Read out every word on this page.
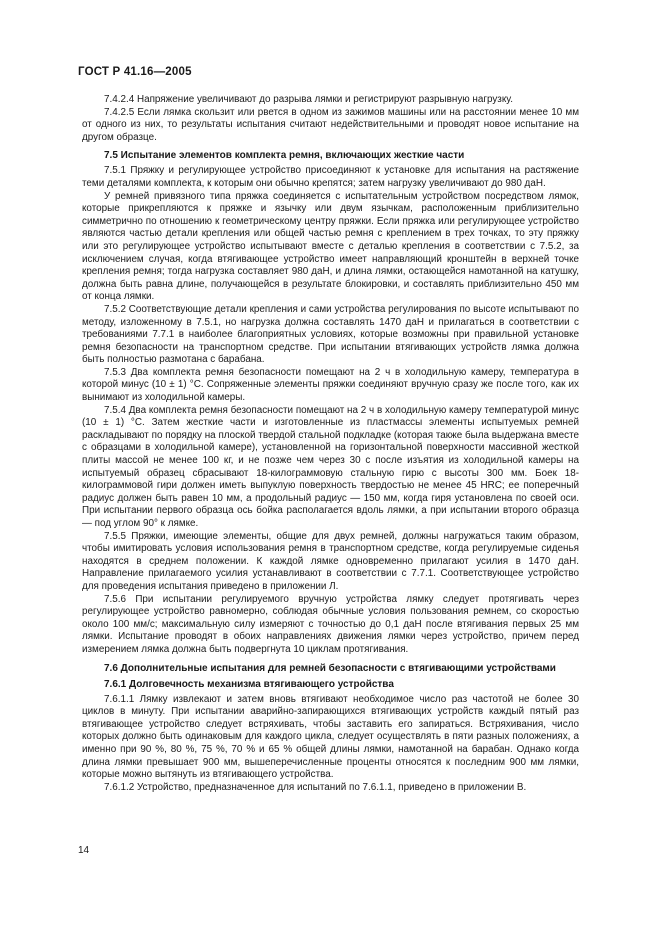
ГОСТ Р 41.16—2005

7.4.2.4 Напряжение увеличивают до разрыва лямки и регистрируют разрывную нагрузку.

7.4.2.5 Если лямка скользит или рвется в одном из зажимов машины или на расстоянии менее 10 мм от одного из них, то результаты испытания считают недействительными и проводят новое испытание на другом образце.

7.5 Испытание элементов комплекта ремня, включающих жесткие части

7.5.1 Пряжку и регулирующее устройство присоединяют к установке для испытания на растяжение теми деталями комплекта, к которым они обычно крепятся; затем нагрузку увеличивают до 980 даН.

У ремней привязного типа пряжка соединяется с испытательным устройством посредством лямок, которые прикрепляются к пряжке и язычку или двум язычкам, расположенным приблизительно симметрично по отношению к геометрическому центру пряжки. Если пряжка или регулирующее устройство являются частью детали крепления или общей частью ремня с креплением в трех точках, то эту пряжку или это регулирующее устройство испытывают вместе с деталью крепления в соответствии с 7.5.2, за исключением случая, когда втягивающее устройство имеет направляющий кронштейн в верхней точке крепления ремня; тогда нагрузка составляет 980 даН, и длина лямки, остающейся намотанной на катушку, должна быть равна длине, получающейся в результате блокировки, и составлять приблизительно 450 мм от конца лямки.

7.5.2 Соответствующие детали крепления и сами устройства регулирования по высоте испытывают по методу, изложенному в 7.5.1, но нагрузка должна составлять 1470 даН и прилагаться в соответствии с требованиями 7.7.1 в наиболее благоприятных условиях, которые возможны при правильной установке ремня безопасности на транспортном средстве. При испытании втягивающих устройств лямка должна быть полностью размотана с барабана.

7.5.3 Два комплекта ремня безопасности помещают на 2 ч в холодильную камеру, температура в которой минус (10 ± 1) °С. Сопряженные элементы пряжки соединяют вручную сразу же после того, как их вынимают из холодильной камеры.

7.5.4 Два комплекта ремня безопасности помещают на 2 ч в холодильную камеру температурой минус (10 ± 1) °С. Затем жесткие части и изготовленные из пластмассы элементы испытуемых ремней раскладывают по порядку на плоской твердой стальной подкладке (которая также была выдержана вместе с образцами в холодильной камере), установленной на горизонтальной поверхности массивной жесткой плиты массой не менее 100 кг, и не позже чем через 30 с после изъятия из холодильной камеры на испытуемый образец сбрасывают 18-килограммовую стальную гирю с высоты 300 мм. Боек 18-килограммовой гири должен иметь выпуклую поверхность твердостью не менее 45 HRC; ее поперечный радиус должен быть равен 10 мм, а продольный радиус — 150 мм, когда гиря установлена по своей оси. При испытании первого образца ось бойка располагается вдоль лямки, а при испытании второго образца — под углом 90° к лямке.

7.5.5 Пряжки, имеющие элементы, общие для двух ремней, должны нагружаться таким образом, чтобы имитировать условия использования ремня в транспортном средстве, когда регулируемые сиденья находятся в среднем положении. К каждой лямке одновременно прилагают усилия в 1470 даН. Направление прилагаемого усилия устанавливают в соответствии с 7.7.1. Соответствующее устройство для проведения испытания приведено в приложении Л.

7.5.6 При испытании регулируемого вручную устройства лямку следует протягивать через регулирующее устройство равномерно, соблюдая обычные условия пользования ремнем, со скоростью около 100 мм/с; максимальную силу измеряют с точностью до 0,1 даН после втягивания первых 25 мм лямки. Испытание проводят в обоих направлениях движения лямки через устройство, причем перед измерением лямка должна быть подвергнута 10 циклам протягивания.

7.6 Дополнительные испытания для ремней безопасности с втягивающими устройствами
7.6.1 Долговечность механизма втягивающего устройства

7.6.1.1 Лямку извлекают и затем вновь втягивают необходимое число раз частотой не более 30 циклов в минуту. При испытании аварийно-запирающихся втягивающих устройств каждый пятый раз втягивающее устройство следует встряхивать, чтобы заставить его запираться. Встряхивания, число которых должно быть одинаковым для каждого цикла, следует осуществлять в пяти разных положениях, а именно при 90 %, 80 %, 75 %, 70 % и 65 % общей длины лямки, намотанной на барабан. Однако когда длина лямки превышает 900 мм, вышеперечисленные проценты относятся к последним 900 мм лямки, которые можно вытянуть из втягивающего устройства.

7.6.1.2 Устройство, предназначенное для испытаний по 7.6.1.1, приведено в приложении В.

14
